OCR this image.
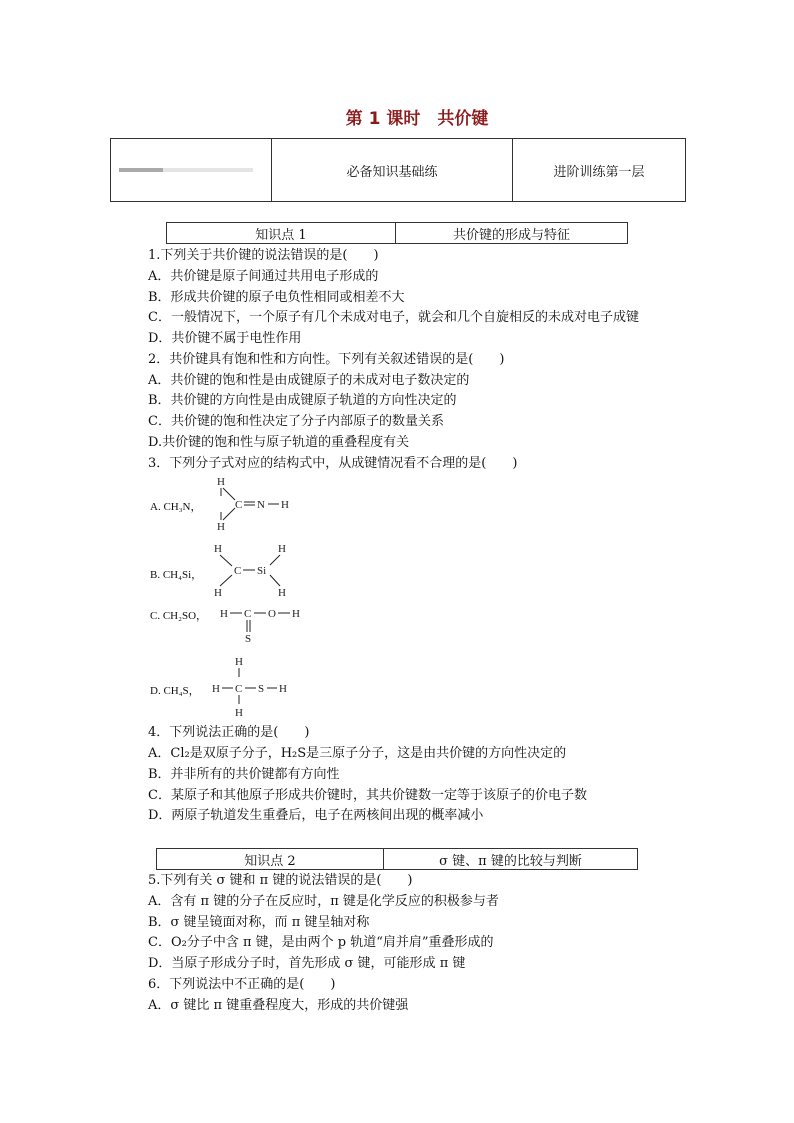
第 1 课时　共价键
必备知识基础练	进阶训练第一层
知识点 1	共价键的形成与特征
1.下列关于共价键的说法错误的是(　　)
A．共价键是原子间通过共用电子形成的
B．形成共价键的原子电负性相同或相差不大
C．一般情况下，一个原子有几个未成对电子，就会和几个自旋相反的未成对电子成键
D．共价键不属于电性作用
2．共价键具有饱和性和方向性。下列有关叙述错误的是(　　)
A．共价键的饱和性是由成键原子的未成对电子数决定的
B．共价键的方向性是由成键原子轨道的方向性决定的
C．共价键的饱和性决定了分子内部原子的数量关系
D.共价键的饱和性与原子轨道的重叠程度有关
3．下列分子式对应的结构式中，从成键情况看不合理的是(　　)
A. CH₃N，
H
C N H
H
B. CH₄Si，
H
C Si
H
H	H
C. CH₂SO， H C O H
S
D. CH₄S，
H
H C S H
H
4．下列说法正确的是(　　)
A．Cl₂是双原子分子，H₂S是三原子分子，这是由共价键的方向性决定的
B．并非所有的共价键都有方向性
C．某原子和其他原子形成共价键时，其共价键数一定等于该原子的价电子数
D．两原子轨道发生重叠后，电子在两核间出现的概率减小
知识点 2	σ 键、π 键的比较与判断
5.下列有关 σ 键和 π 键的说法错误的是(　　)
A．含有 π 键的分子在反应时，π 键是化学反应的积极参与者
B．σ 键呈镜面对称，而 π 键呈轴对称
C．O₂分子中含 π 键，是由两个 p 轨道“肩并肩”重叠形成的
D．当原子形成分子时，首先形成 σ 键，可能形成 π 键
6．下列说法中不正确的是(　　)
A．σ 键比 π 键重叠程度大，形成的共价键强
